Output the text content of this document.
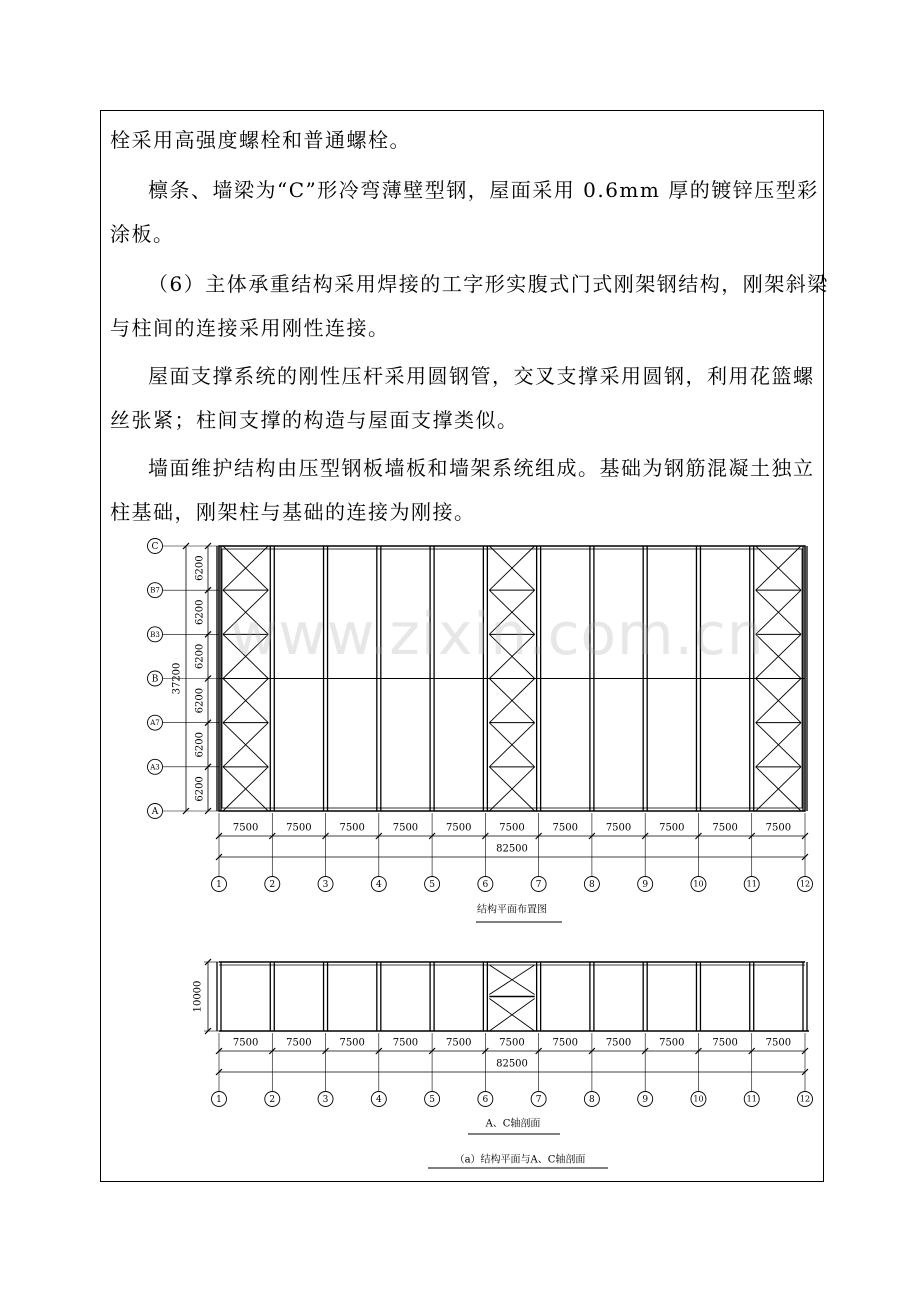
栓采用高强度螺栓和普通螺栓。

檩条、墙梁为“C”形冷弯薄壁型钢，屋面采用 0.6mm 厚的镀锌压型彩

涂板。

（6）主体承重结构采用焊接的工字形实腹式门式刚架钢结构，刚架斜梁

与柱间的连接采用刚性连接。

屋面支撑系统的刚性压杆采用圆钢管，交叉支撑采用圆钢，利用花篮螺

丝张紧；柱间支撑的构造与屋面支撑类似。

墙面维护结构由压型钢板墙板和墙架系统组成。基础为钢筋混凝土独立

柱基础，刚架柱与基础的连接为刚接。

C
B7
B3
B
A7
A3
A
6200
6200
6200
6200
6200
6200
37200
1	2	3	4	5	6	7	8	9	10	11	12
7500	7500	7500	7500	7500	7500	7500	7500	7500	7500	7500
82500
结构平面布置图
10000
1	2	3	4	5	6	7	8	9	10	11	12
7500	7500	7500	7500	7500	7500	7500	7500	7500	7500	7500
82500
A、C轴剖面
（a）结构平面与A、C轴剖面
www.zixin.com.cn
